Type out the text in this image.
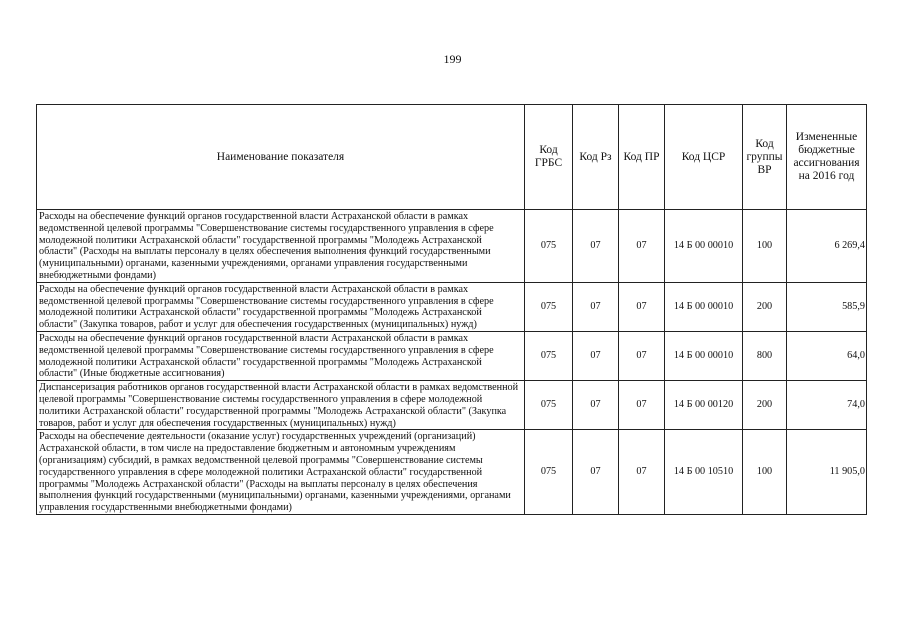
199
Наименование показателя	Код ГРБС	Код Рз	Код ПР	Код ЦСР	Код группы ВР	Измененные бюджетные ассигнования на 2016 год
Расходы на обеспечение функций органов государственной власти Астраханской области в рамках ведомственной целевой программы "Совершенствование системы государственного управления в сфере молодежной политики Астраханской области" государственной программы "Молодежь Астраханской области" (Расходы на выплаты персоналу в целях обеспечения выполнения функций государственными (муниципальными) органами, казенными учреждениями, органами управления государственными внебюджетными фондами)	075	07	07	14 Б 00 00010	100	6 269,4
Расходы на обеспечение функций органов государственной власти Астраханской области в рамках ведомственной целевой программы "Совершенствование системы государственного управления в сфере молодежной политики Астраханской области" государственной программы "Молодежь Астраханской области" (Закупка товаров, работ и услуг для обеспечения государственных (муниципальных) нужд)	075	07	07	14 Б 00 00010	200	585,9
Расходы на обеспечение функций органов государственной власти Астраханской области в рамках ведомственной целевой программы "Совершенствование системы государственного управления в сфере молодежной политики Астраханской области" государственной программы "Молодежь Астраханской области" (Иные бюджетные ассигнования)	075	07	07	14 Б 00 00010	800	64,0
Диспансеризация работников органов государственной власти Астраханской области в рамках ведомственной целевой программы "Совершенствование системы государственного управления в сфере молодежной политики Астраханской области" государственной программы "Молодежь Астраханской области" (Закупка товаров, работ и услуг для обеспечения государственных (муниципальных) нужд)	075	07	07	14 Б 00 00120	200	74,0
Расходы на обеспечение деятельности (оказание услуг) государственных учреждений (организаций) Астраханской области, в том числе на предоставление бюджетным и автономным учреждениям (организациям) субсидий, в рамках ведомственной целевой программы "Совершенствование системы государственного управления в сфере молодежной политики Астраханской области" государственной программы "Молодежь Астраханской области" (Расходы на выплаты персоналу в целях обеспечения выполнения функций государственными (муниципальными) органами, казенными учреждениями, органами управления государственными внебюджетными фондами)	075	07	07	14 Б 00 10510	100	11 905,0
